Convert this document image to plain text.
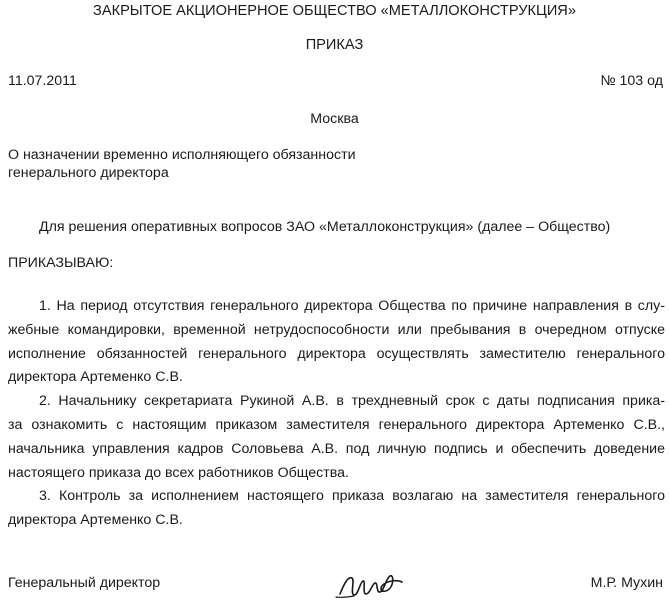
ЗАКРЫТОЕ АКЦИОНЕРНОЕ ОБЩЕСТВО «МЕТАЛЛОКОНСТРУКЦИЯ»
ПРИКАЗ
11.07.2011	№ 103 од
Москва
О назначении временно исполняющего обязанности
генерального директора
Для решения оперативных вопросов ЗАО «Металлоконструкция» (далее – Общество)
ПРИКАЗЫВАЮ:
1. На период отсутствия генерального директора Общества по причине направления в слу-
жебные командировки, временной нетрудоспособности или пребывания в очередном отпуске
исполнение обязанностей генерального директора осуществлять заместителю генерального
директора Артеменко С.В.
2. Начальнику секретариата Рукиной А.В. в трехдневный срок с даты подписания прика-
за ознакомить с настоящим приказом заместителя генерального директора Артеменко С.В.,
начальника управления кадров Соловьева А.В. под личную подпись и обеспечить доведение
настоящего приказа до всех работников Общества.
3. Контроль за исполнением настоящего приказа возлагаю на заместителя генерального
директора Артеменко С.В.
Генеральный директор	М.Р. Мухин
